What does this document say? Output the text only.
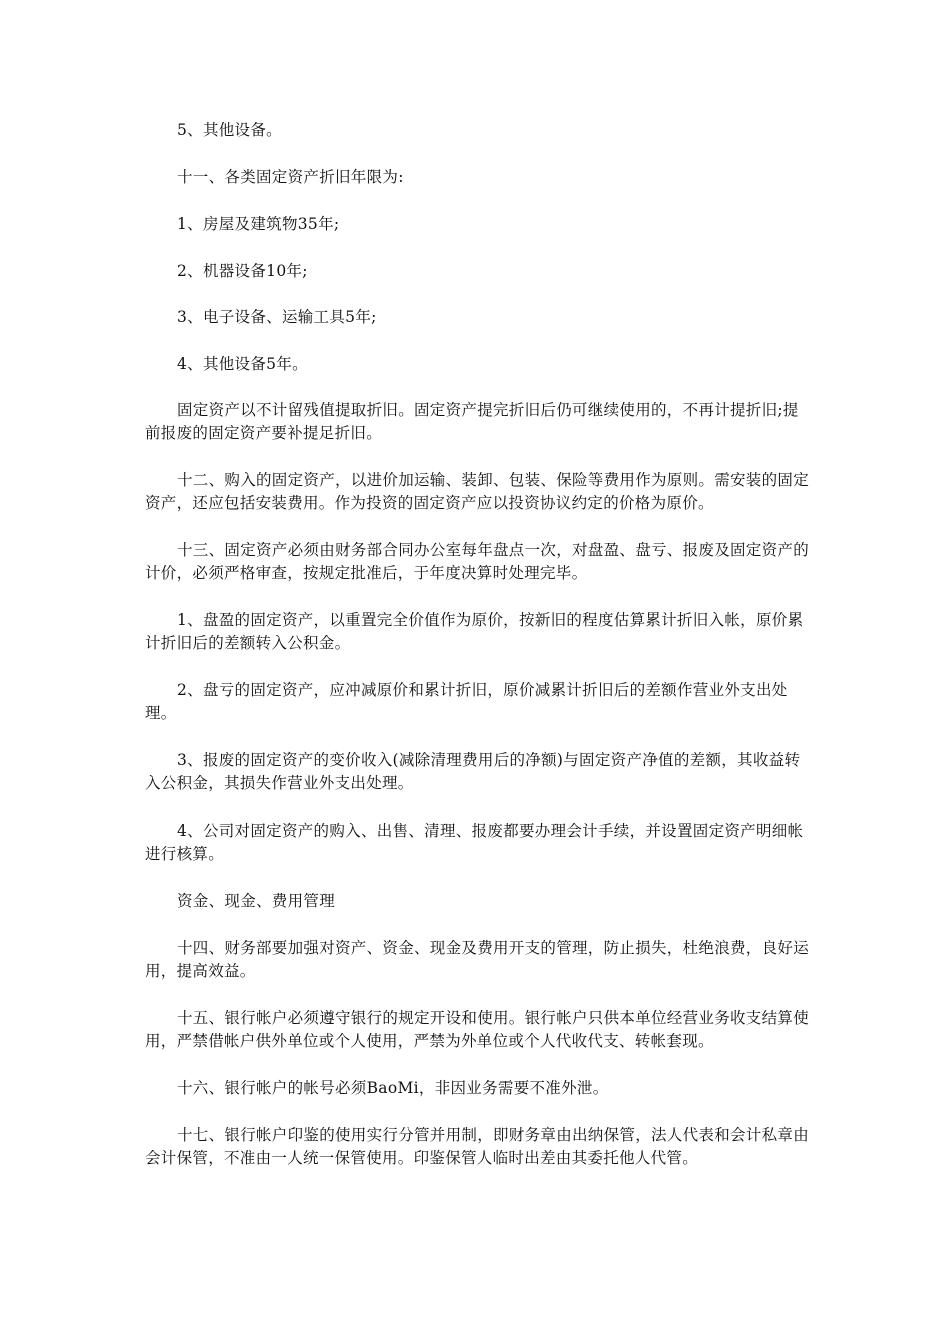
5、其他设备。

十一、各类固定资产折旧年限为:

1、房屋及建筑物35年;

2、机器设备10年;

3、电子设备、运输工具5年;

4、其他设备5年。

固定资产以不计留残值提取折旧。固定资产提完折旧后仍可继续使用的，不再计提折旧;提前报废的固定资产要补提足折旧。

十二、购入的固定资产，以进价加运输、装卸、包装、保险等费用作为原则。需安装的固定资产，还应包括安装费用。作为投资的固定资产应以投资协议约定的价格为原价。

十三、固定资产必须由财务部合同办公室每年盘点一次，对盘盈、盘亏、报废及固定资产的计价，必须严格审查，按规定批准后，于年度决算时处理完毕。

1、盘盈的固定资产，以重置完全价值作为原价，按新旧的程度估算累计折旧入帐，原价累计折旧后的差额转入公积金。

2、盘亏的固定资产，应冲减原价和累计折旧，原价减累计折旧后的差额作营业外支出处理。

3、报废的固定资产的变价收入(减除清理费用后的净额)与固定资产净值的差额，其收益转入公积金，其损失作营业外支出处理。

4、公司对固定资产的购入、出售、清理、报废都要办理会计手续，并设置固定资产明细帐进行核算。

资金、现金、费用管理

十四、财务部要加强对资产、资金、现金及费用开支的管理，防止损失，杜绝浪费，良好运用，提高效益。

十五、银行帐户必须遵守银行的规定开设和使用。银行帐户只供本单位经营业务收支结算使用，严禁借帐户供外单位或个人使用，严禁为外单位或个人代收代支、转帐套现。

十六、银行帐户的帐号必须BaoMi，非因业务需要不准外泄。

十七、银行帐户印鉴的使用实行分管并用制，即财务章由出纳保管，法人代表和会计私章由会计保管，不准由一人统一保管使用。印鉴保管人临时出差由其委托他人代管。
